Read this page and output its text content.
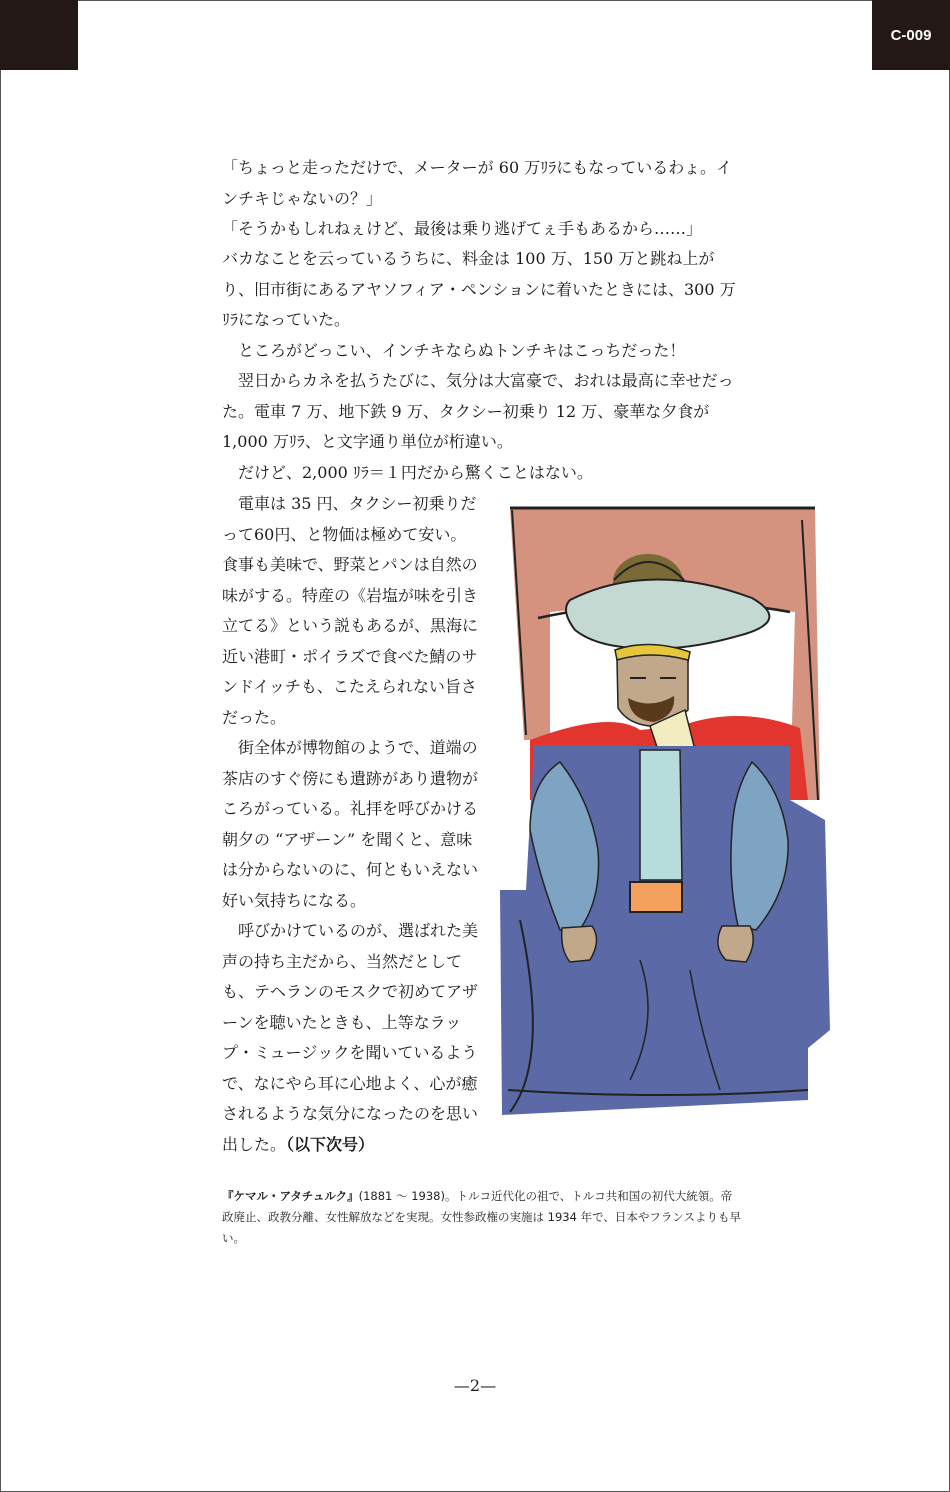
C-009

「ちょっと走っただけで、メーターが 60 万ﾘﾗにもなっているわょ。インチキじゃないの？」

「そうかもしれねぇけど、最後は乗り逃げてぇ手もあるから……」

バカなことを云っているうちに、料金は 100 万、150 万と跳ね上がり、旧市街にあるアヤソフィア・ペンションに着いたときには、300 万ﾘﾗになっていた。

ところがどっこい、インチキならぬトンチキはこっちだった！

翌日からカネを払うたびに、気分は大富豪で、おれは最高に幸せだった。電車 7 万、地下鉄 9 万、タクシー初乗り 12 万、豪華な夕食が 1,000 万ﾘﾗ、と文字通り単位が桁違い。

だけど、2,000 ﾘﾗ＝１円だから驚くことはない。

電車は 35 円、タクシー初乗りだって60円、と物価は極めて安い。食事も美味で、野菜とパンは自然の味がする。特産の《岩塩が味を引き立てる》という説もあるが、黒海に近い港町・ポイラズで食べた鯖のサンドイッチも、こたえられない旨さだった。

街全体が博物館のようで、道端の茶店のすぐ傍にも遺跡があり遺物がころがっている。礼拝を呼びかける朝夕の “アザーン” を聞くと、意味は分からないのに、何ともいえない好い気持ちになる。

呼びかけているのが、選ばれた美声の持ち主だから、当然だとしても、テヘランのモスクで初めてアザーンを聴いたときも、上等なラップ・ミュージックを聞いているようで、なにやら耳に心地よく、心が癒されるような気分になったのを思い出した。（以下次号）

『ケマル・アタチュルク』(1881 ～ 1938)。トルコ近代化の祖で、トルコ共和国の初代大統領。帝政廃止、政教分離、女性解放などを実現。女性参政権の実施は 1934 年で、日本やフランスよりも早い。

—2—
